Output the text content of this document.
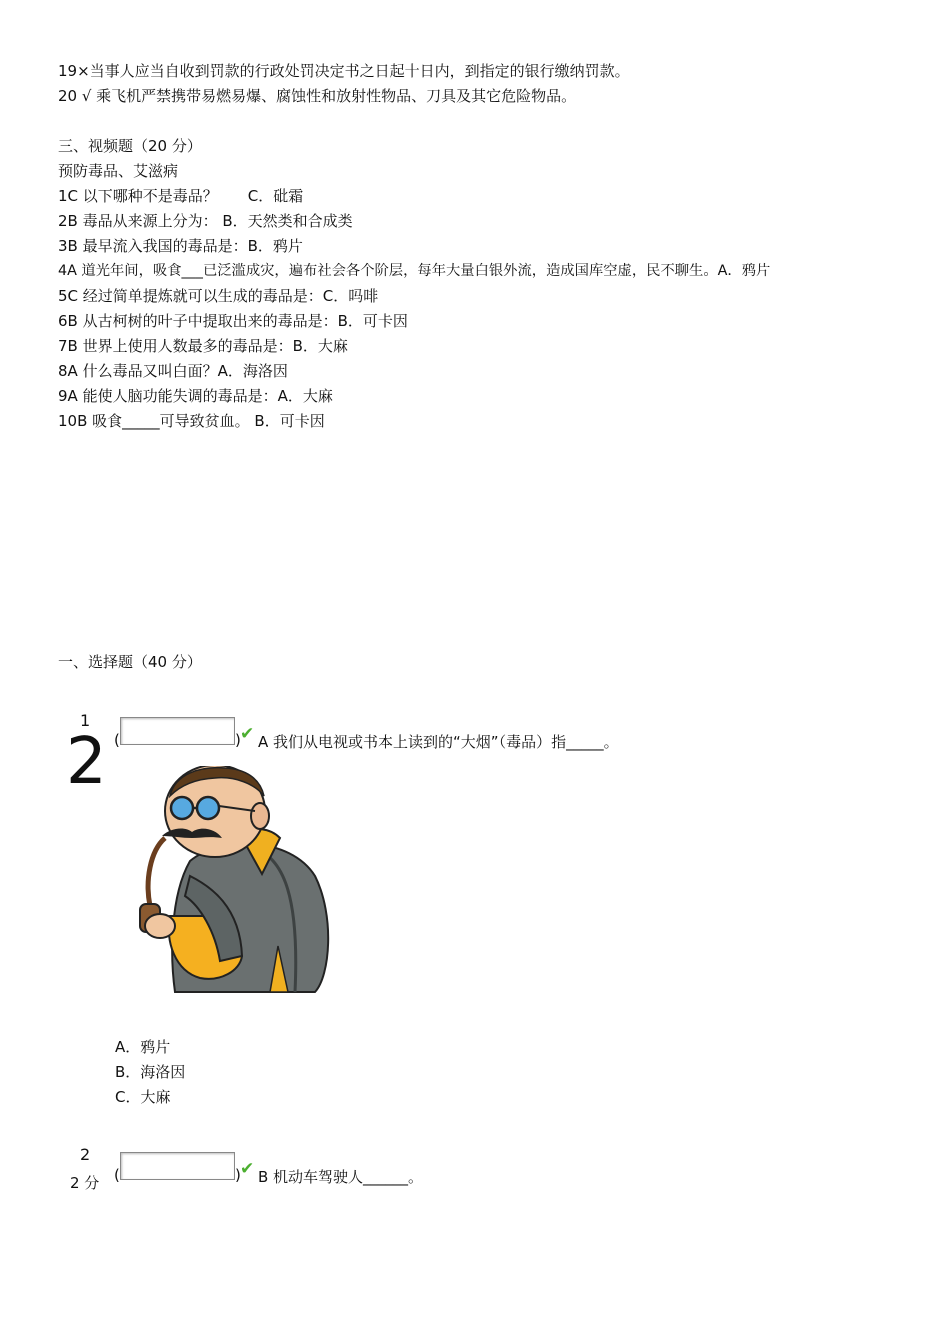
19×当事人应当自收到罚款的行政处罚决定书之日起十日内，到指定的银行缴纳罚款。
20 √ 乘飞机严禁携带易燃易爆、腐蚀性和放射性物品、刀具及其它危险物品。
三、视频题（20 分）
预防毒品、艾滋病
1C 以下哪种不是毒品？　　C．砒霜
2B 毒品从来源上分为： B．天然类和合成类
3B 最早流入我国的毒品是：B．鸦片
4A 道光年间，吸食___已泛滥成灾，遍布社会各个阶层，每年大量白银外流，造成国库空虚，民不聊生。A．鸦片
5C 经过简单提炼就可以生成的毒品是：C．吗啡
6B 从古柯树的叶子中提取出来的毒品是：B．可卡因
7B 世界上使用人数最多的毒品是：B．大麻
8A 什么毒品又叫白面？A．海洛因
9A 能使人脑功能失调的毒品是：A．大麻
10B 吸食_____可导致贫血。 B．可卡因
一、选择题（40 分）
1
2 (	) ✔ A 我们从电视或书本上读到的“大烟”（毒品）指_____。
A．鸦片
B．海洛因
C．大麻
2
2 分 (	) ✔ B 机动车驾驶人______。
